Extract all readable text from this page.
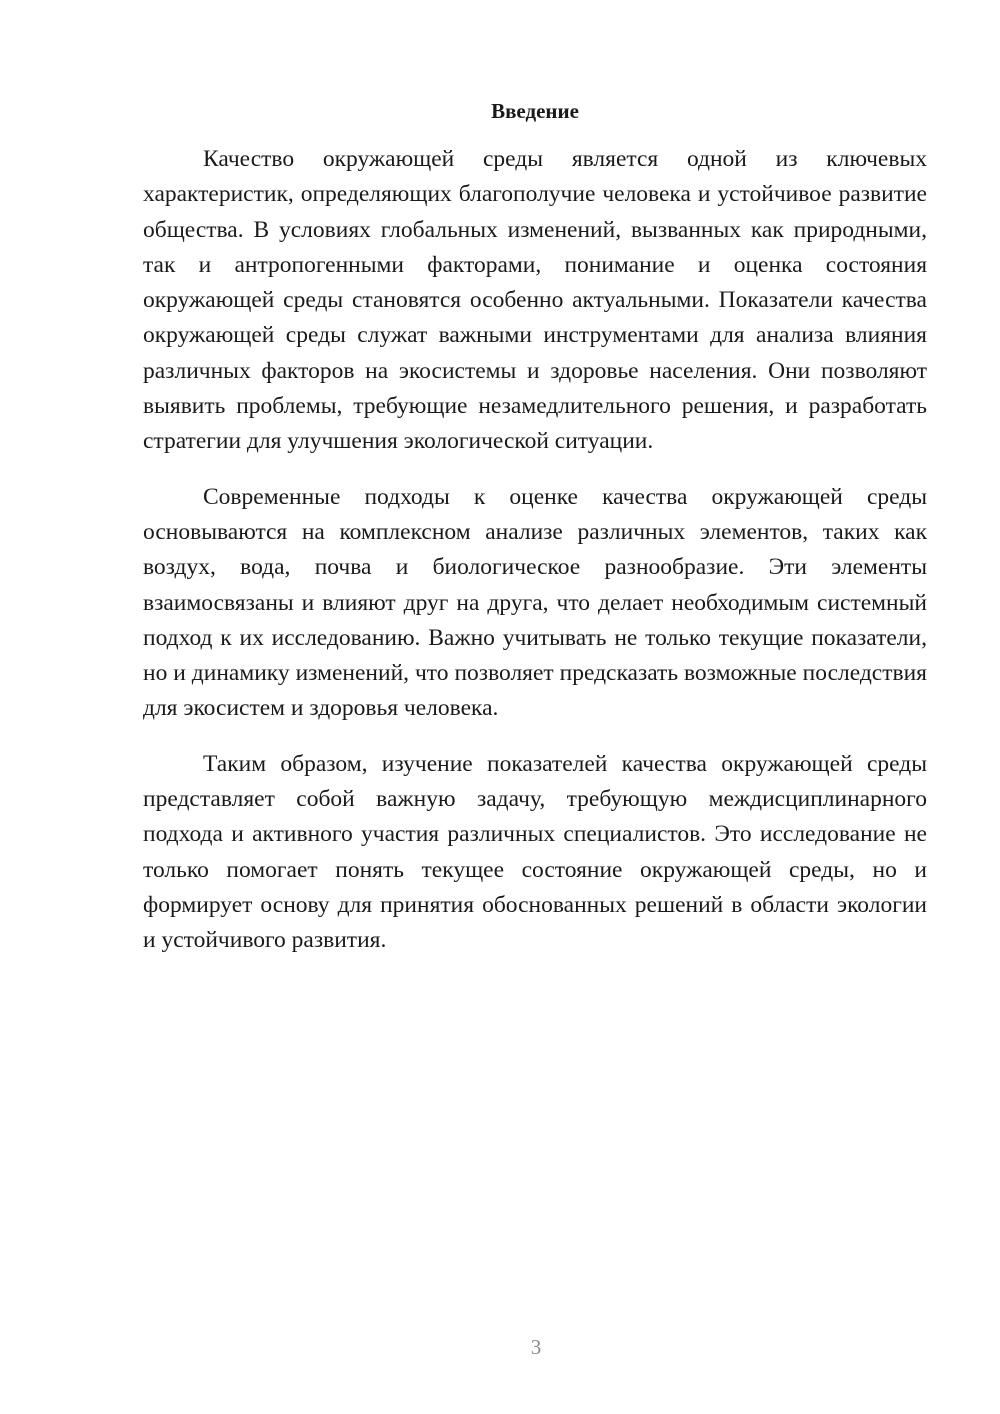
Введение

Качество окружающей среды является одной из ключевых характеристик, определяющих благополучие человека и устойчивое развитие общества. В условиях глобальных изменений, вызванных как природными, так и антропогенными факторами, понимание и оценка состояния окружающей среды становятся особенно актуальными. Показатели качества окружающей среды служат важными инструментами для анализа влияния различных факторов на экосистемы и здоровье населения. Они позволяют выявить проблемы, требующие незамедлительного решения, и разработать стратегии для улучшения экологической ситуации.

Современные подходы к оценке качества окружающей среды основываются на комплексном анализе различных элементов, таких как воздух, вода, почва и биологическое разнообразие. Эти элементы взаимосвязаны и влияют друг на друга, что делает необходимым системный подход к их исследованию. Важно учитывать не только текущие показатели, но и динамику изменений, что позволяет предсказать возможные последствия для экосистем и здоровья человека.

Таким образом, изучение показателей качества окружающей среды представляет собой важную задачу, требующую междисциплинарного подхода и активного участия различных специалистов. Это исследование не только помогает понять текущее состояние окружающей среды, но и формирует основу для принятия обоснованных решений в области экологии и устойчивого развития.

3
